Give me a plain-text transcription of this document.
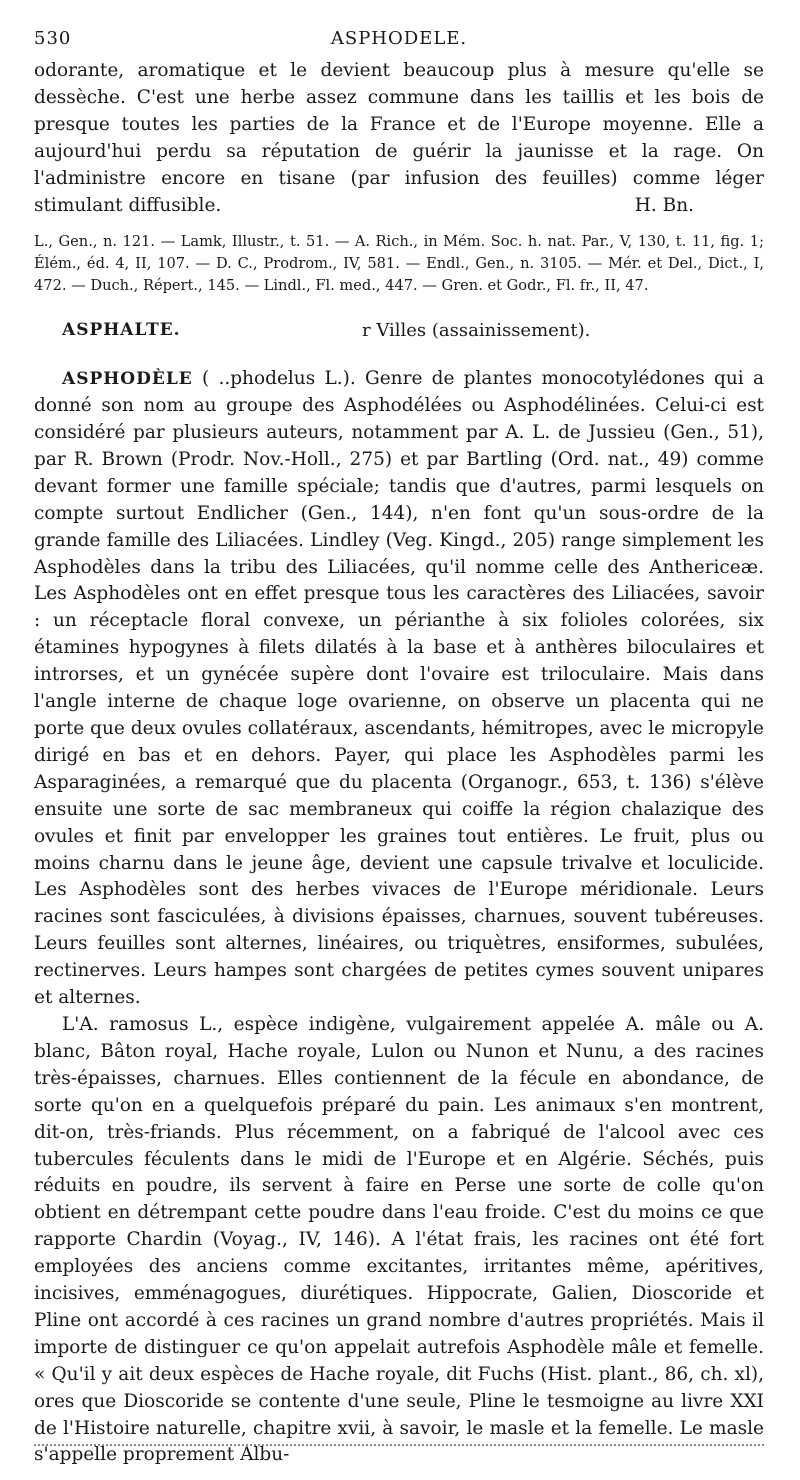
530	ASPHODELE.

odorante, aromatique et le devient beaucoup plus à mesure qu'elle se dessèche. C'est une herbe assez commune dans les taillis et les bois de presque toutes les parties de la France et de l'Europe moyenne. Elle a aujourd'hui perdu sa réputation de guérir la jaunisse et la rage. On l'administre encore en tisane (par infusion des feuilles) comme léger stimulant diffusible.	H. Bn.

L., Gen., n. 121. — Lamk, Illustr., t. 51. — A. Rich., in Mém. Soc. h. nat. Par., V, 130, t. 11, fig. 1; Élém., éd. 4, II, 107. — D. C., Prodrom., IV, 581. — Endl., Gen., n. 3105. — Mér. et Del., Dict., I, 472. — Duch., Répert., 145. — Lindl., Fl. med., 447. — Gren. et Godr., Fl. fr., II, 47.

ASPHALTE.	r Villes (assainissement).

ASPHODÈLE ( ..phodelus L.). Genre de plantes monocotylédones qui a donné son nom au groupe des Asphodélées ou Asphodélinées. Celui-ci est considéré par plusieurs auteurs, notamment par A. L. de Jussieu (Gen., 51), par R. Brown (Prodr. Nov.-Holl., 275) et par Bartling (Ord. nat., 49) comme devant former une famille spéciale; tandis que d'autres, parmi lesquels on compte surtout Endlicher (Gen., 144), n'en font qu'un sous-ordre de la grande famille des Liliacées. Lindley (Veg. Kingd., 205) range simplement les Asphodèles dans la tribu des Liliacées, qu'il nomme celle des Anthericeæ. Les Asphodèles ont en effet presque tous les caractères des Liliacées, savoir : un réceptacle floral convexe, un périanthe à six folioles colorées, six étamines hypogynes à filets dilatés à la base et à anthères biloculaires et introrses, et un gynécée supère dont l'ovaire est triloculaire. Mais dans l'angle interne de chaque loge ovarienne, on observe un placenta qui ne porte que deux ovules collatéraux, ascendants, hémitropes, avec le micropyle dirigé en bas et en dehors. Payer, qui place les Asphodèles parmi les Asparaginées, a remarqué que du placenta (Organogr., 653, t. 136) s'élève ensuite une sorte de sac membraneux qui coiffe la région chalazique des ovules et finit par envelopper les graines tout entières. Le fruit, plus ou moins charnu dans le jeune âge, devient une capsule trivalve et loculicide. Les Asphodèles sont des herbes vivaces de l'Europe méridionale. Leurs racines sont fasciculées, à divisions épaisses, charnues, souvent tubéreuses. Leurs feuilles sont alternes, linéaires, ou triquètres, ensiformes, subulées, rectinerves. Leurs hampes sont chargées de petites cymes souvent unipares et alternes.

L'A. ramosus L., espèce indigène, vulgairement appelée A. mâle ou A. blanc, Bâton royal, Hache royale, Lulon ou Nunon et Nunu, a des racines très-épaisses, charnues. Elles contiennent de la fécule en abondance, de sorte qu'on en a quelquefois préparé du pain. Les animaux s'en montrent, dit-on, très-friands. Plus récemment, on a fabriqué de l'alcool avec ces tubercules féculents dans le midi de l'Europe et en Algérie. Séchés, puis réduits en poudre, ils servent à faire en Perse une sorte de colle qu'on obtient en détrempant cette poudre dans l'eau froide. C'est du moins ce que rapporte Chardin (Voyag., IV, 146). A l'état frais, les racines ont été fort employées des anciens comme excitantes, irritantes même, apéritives, incisives, emménagogues, diurétiques. Hippocrate, Galien, Dioscoride et Pline ont accordé à ces racines un grand nombre d'autres propriétés. Mais il importe de distinguer ce qu'on appelait autrefois Asphodèle mâle et femelle. « Qu'il y ait deux espèces de Hache royale, dit Fuchs (Hist. plant., 86, ch. xl), ores que Dioscoride se contente d'une seule, Pline le tesmoigne au livre XXI de l'Histoire naturelle, chapitre xvii, à savoir, le masle et la femelle. Le masle s'appelle proprement Albu-
